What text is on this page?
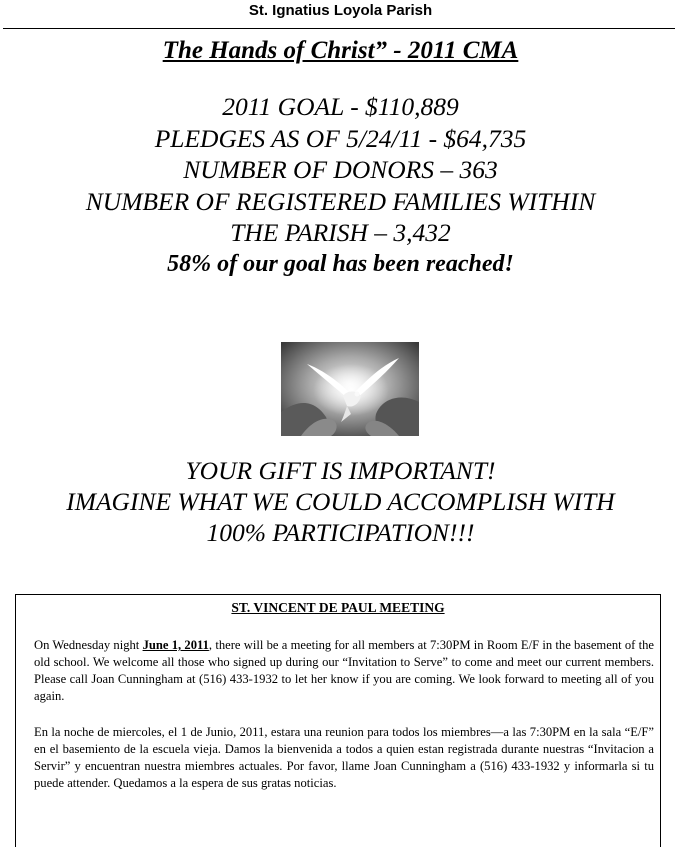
St. Ignatius Loyola Parish
The Hands of Christ” - 2011 CMA
2011 GOAL - $110,889
PLEDGES AS OF 5/24/11 - $64,735
NUMBER OF DONORS – 363
NUMBER OF REGISTERED FAMILIES WITHIN
THE PARISH – 3,432
58% of our goal has been reached!
YOUR GIFT IS IMPORTANT!
IMAGINE WHAT WE COULD ACCOMPLISH WITH
100% PARTICIPATION!!!
ST. VINCENT DE PAUL MEETING
On Wednesday night June 1, 2011, there will be a meeting for all members at 7:30PM in Room E/F in the basement of the old school. We welcome all those who signed up during our “Invitation to Serve” to come and meet our current members. Please call Joan Cunningham at (516) 433-1932 to let her know if you are coming. We look forward to meeting all of you again.
En la noche de miercoles, el 1 de Junio, 2011, estara una reunion para todos los miembres—a las 7:30PM en la sala “E/F” en el basemiento de la escuela vieja. Damos la bienvenida a todos a quien estan registrada durante nuestras “Invitacion a Servir” y encuentran nuestra miembres actuales. Por favor, llame Joan Cunningham a (516) 433-1932 y informarla si tu puede attender. Quedamos a la espera de sus gratas noticias.
